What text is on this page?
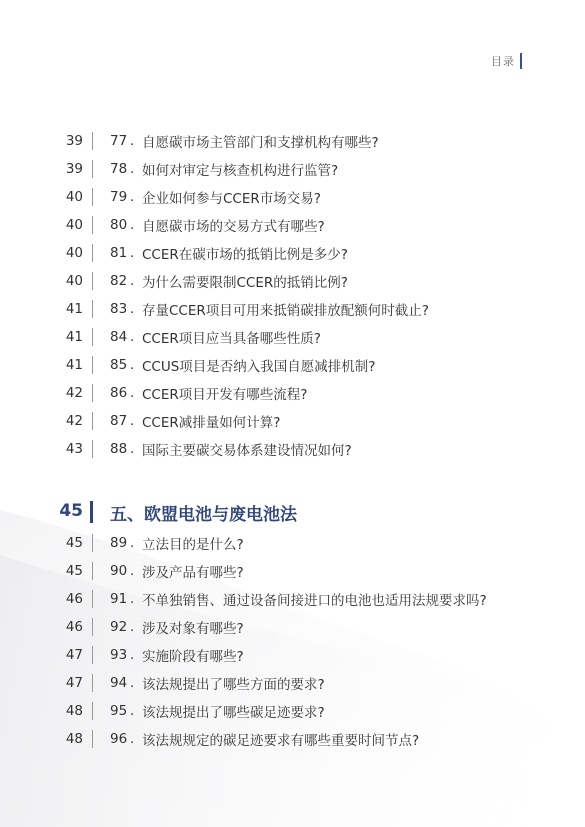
目录
39 77 . 自愿碳市场主管部门和支撑机构有哪些?
39 78 . 如何对审定与核查机构进行监管?
40 79 . 企业如何参与CCER市场交易?
40 80 . 自愿碳市场的交易方式有哪些?
40 81 . CCER在碳市场的抵销比例是多少?
40 82 . 为什么需要限制CCER的抵销比例?
41 83 . 存量CCER项目可用来抵销碳排放配额何时截止?
41 84 . CCER项目应当具备哪些性质?
41 85 . CCUS项目是否纳入我国自愿减排机制?
42 86 . CCER项目开发有哪些流程?
42 87 . CCER减排量如何计算?
43 88 . 国际主要碳交易体系建设情况如何?
45 89 . 立法目的是什么?
45 90 . 涉及产品有哪些?
46 91 . 不单独销售、通过设备间接进口的电池也适用法规要求吗?
46 92 . 涉及对象有哪些?
47 93 . 实施阶段有哪些?
47 94 . 该法规提出了哪些方面的要求?
48 95 . 该法规提出了哪些碳足迹要求?
48 96 . 该法规规定的碳足迹要求有哪些重要时间节点?
45 五、欧盟电池与废电池法
